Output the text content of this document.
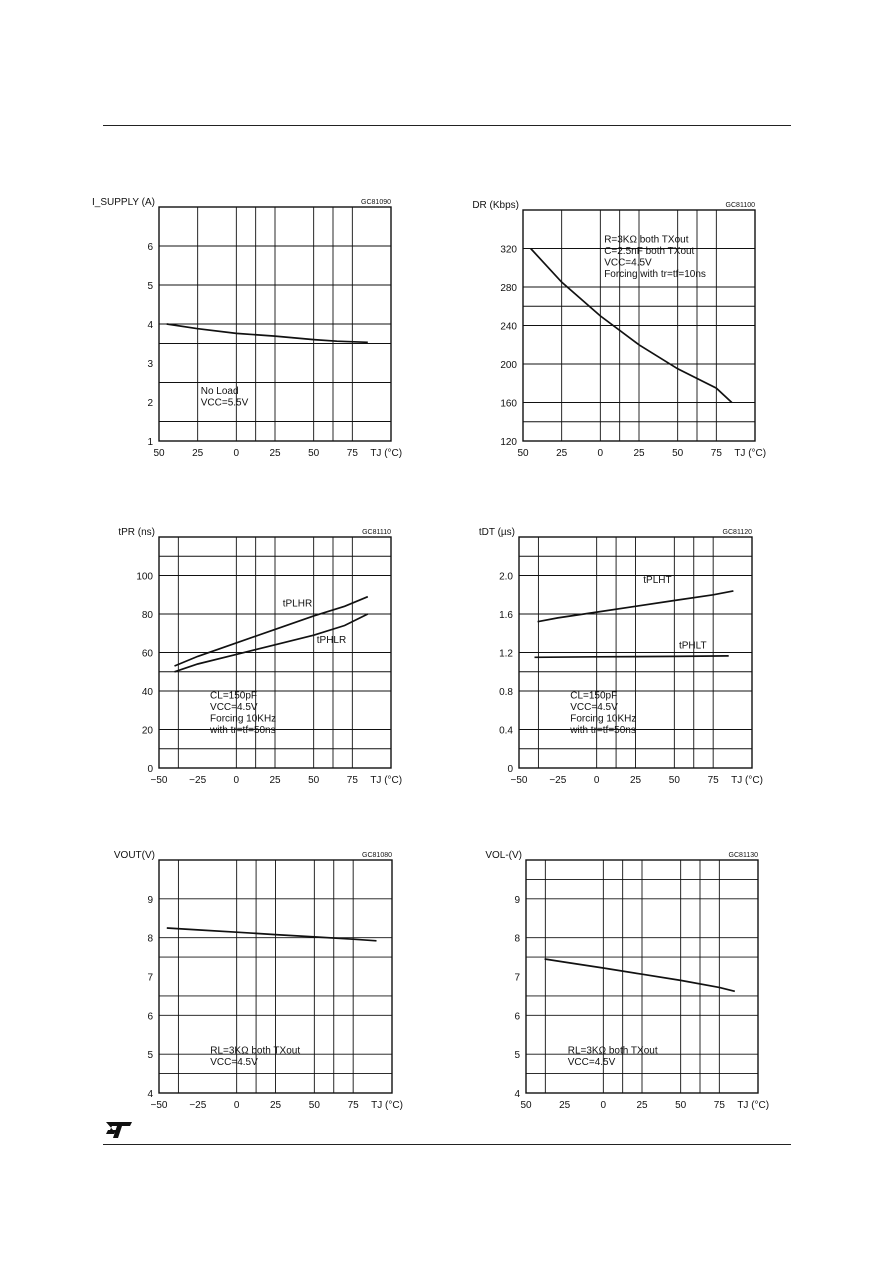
50	25	0	25	50	75
1
2
3
4
5
6
I_SUPPLY (A)
TJ (°C)
GC81090
No Load
VCC=5.5V
50	25	0	25	50	75
120
160
200
240
280
320
DR (Kbps)
TJ (°C)
GC81100
R=3KΩ both TXout
C=2.5nF both TXout
VCC=4.5V
Forcing with tr=tf=10ns
−50 −25	0	25	50	75
0
20
40
60
80
100
tPR (ns)
TJ (°C)
GC81110
CL=150pF
VCC=4.5V
Forcing 10KHz
with tr=tf=50ns
tPLHR
tPHLR
−50 −25	0	25	50	75
0
0.4
0.8
1.2
1.6
2.0
tDT (µs)
TJ (°C)
GC81120
CL=150pF
VCC=4.5V
Forcing 10KHz
with tr=tf=50ns
tPLHT
tPHLT
−50 −25	0	25	50	75
4
5
6
7
8
9
VOUT(V)
TJ (°C)
GC81080
RL=3KΩ both TXout
VCC=4.5V
50	25	0	25	50	75
4
5
6
7
8
9
VOL-(V)
TJ (°C)
GC81130
RL=3KΩ both TXout
VCC=4.5V
